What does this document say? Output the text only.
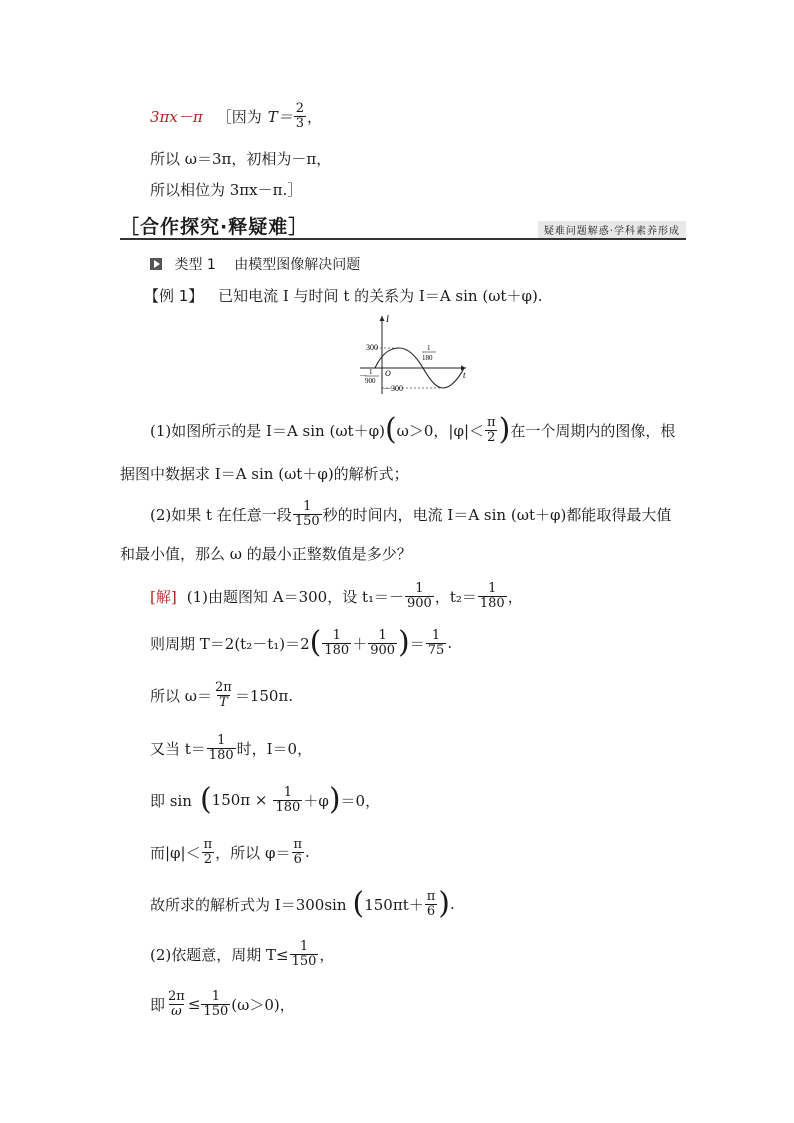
3πx－π ［因为 $T= \frac{2}{3}$ ，
所以 ω＝3π，初相为－π，
所以相位为 3πx－π.］
［合作探究·释疑难］	疑难问题解惑·学科素养形成
类型 1 由模型图像解决问题
【例 1】 已知电流 I 与时间 t 的关系为 I＝A sin (ωt＋φ).
I
t
300
－300
O
－ 1
900
1
180
(1)如图所示的是 I＝A sin (ωt＋φ) ( ω＞0，$|\varphi|< \frac{\pi}{2}$ ) 在一个周期内的图像，根
据图中数据求 I＝A sin (ωt＋φ)的解析式；
(2)如果 t 在任意一段 $\frac{1}{150}$ 秒的时间内，电流 I＝A sin (ωt＋φ)都能取得最大值
和最小值，那么 ω 的最小正整数值是多少？
[解] (1)由题图知 A＝300，设 $t_1=- \frac{1}{900}$ ，$t_2= \frac{1}{180}$ ，
则周期 T＝2(t₂－t₁)＝2 ( $\frac{1}{180} + \frac{1}{900}$ ) ＝ $\frac{1}{75}$ .
所以 $\omega= \frac{2\pi}{T} =150\pi$.
又当 $t= \frac{1}{180}$ 时，I＝0，
即 sin ( $150\pi \times \frac{1}{180} +\varphi$ ) ＝0，
而$|\varphi|< \frac{\pi}{2}$ ，所以 $\varphi= \frac{\pi}{6}$ .
故所求的解析式为 I＝300sin ( $150\pi t+ \frac{\pi}{6}$ ) .
(2)依题意，周期 $T\le \frac{1}{150}$ ，
即 $\frac{2\pi}{\omega} \le \frac{1}{150} (\omega>0)$，
